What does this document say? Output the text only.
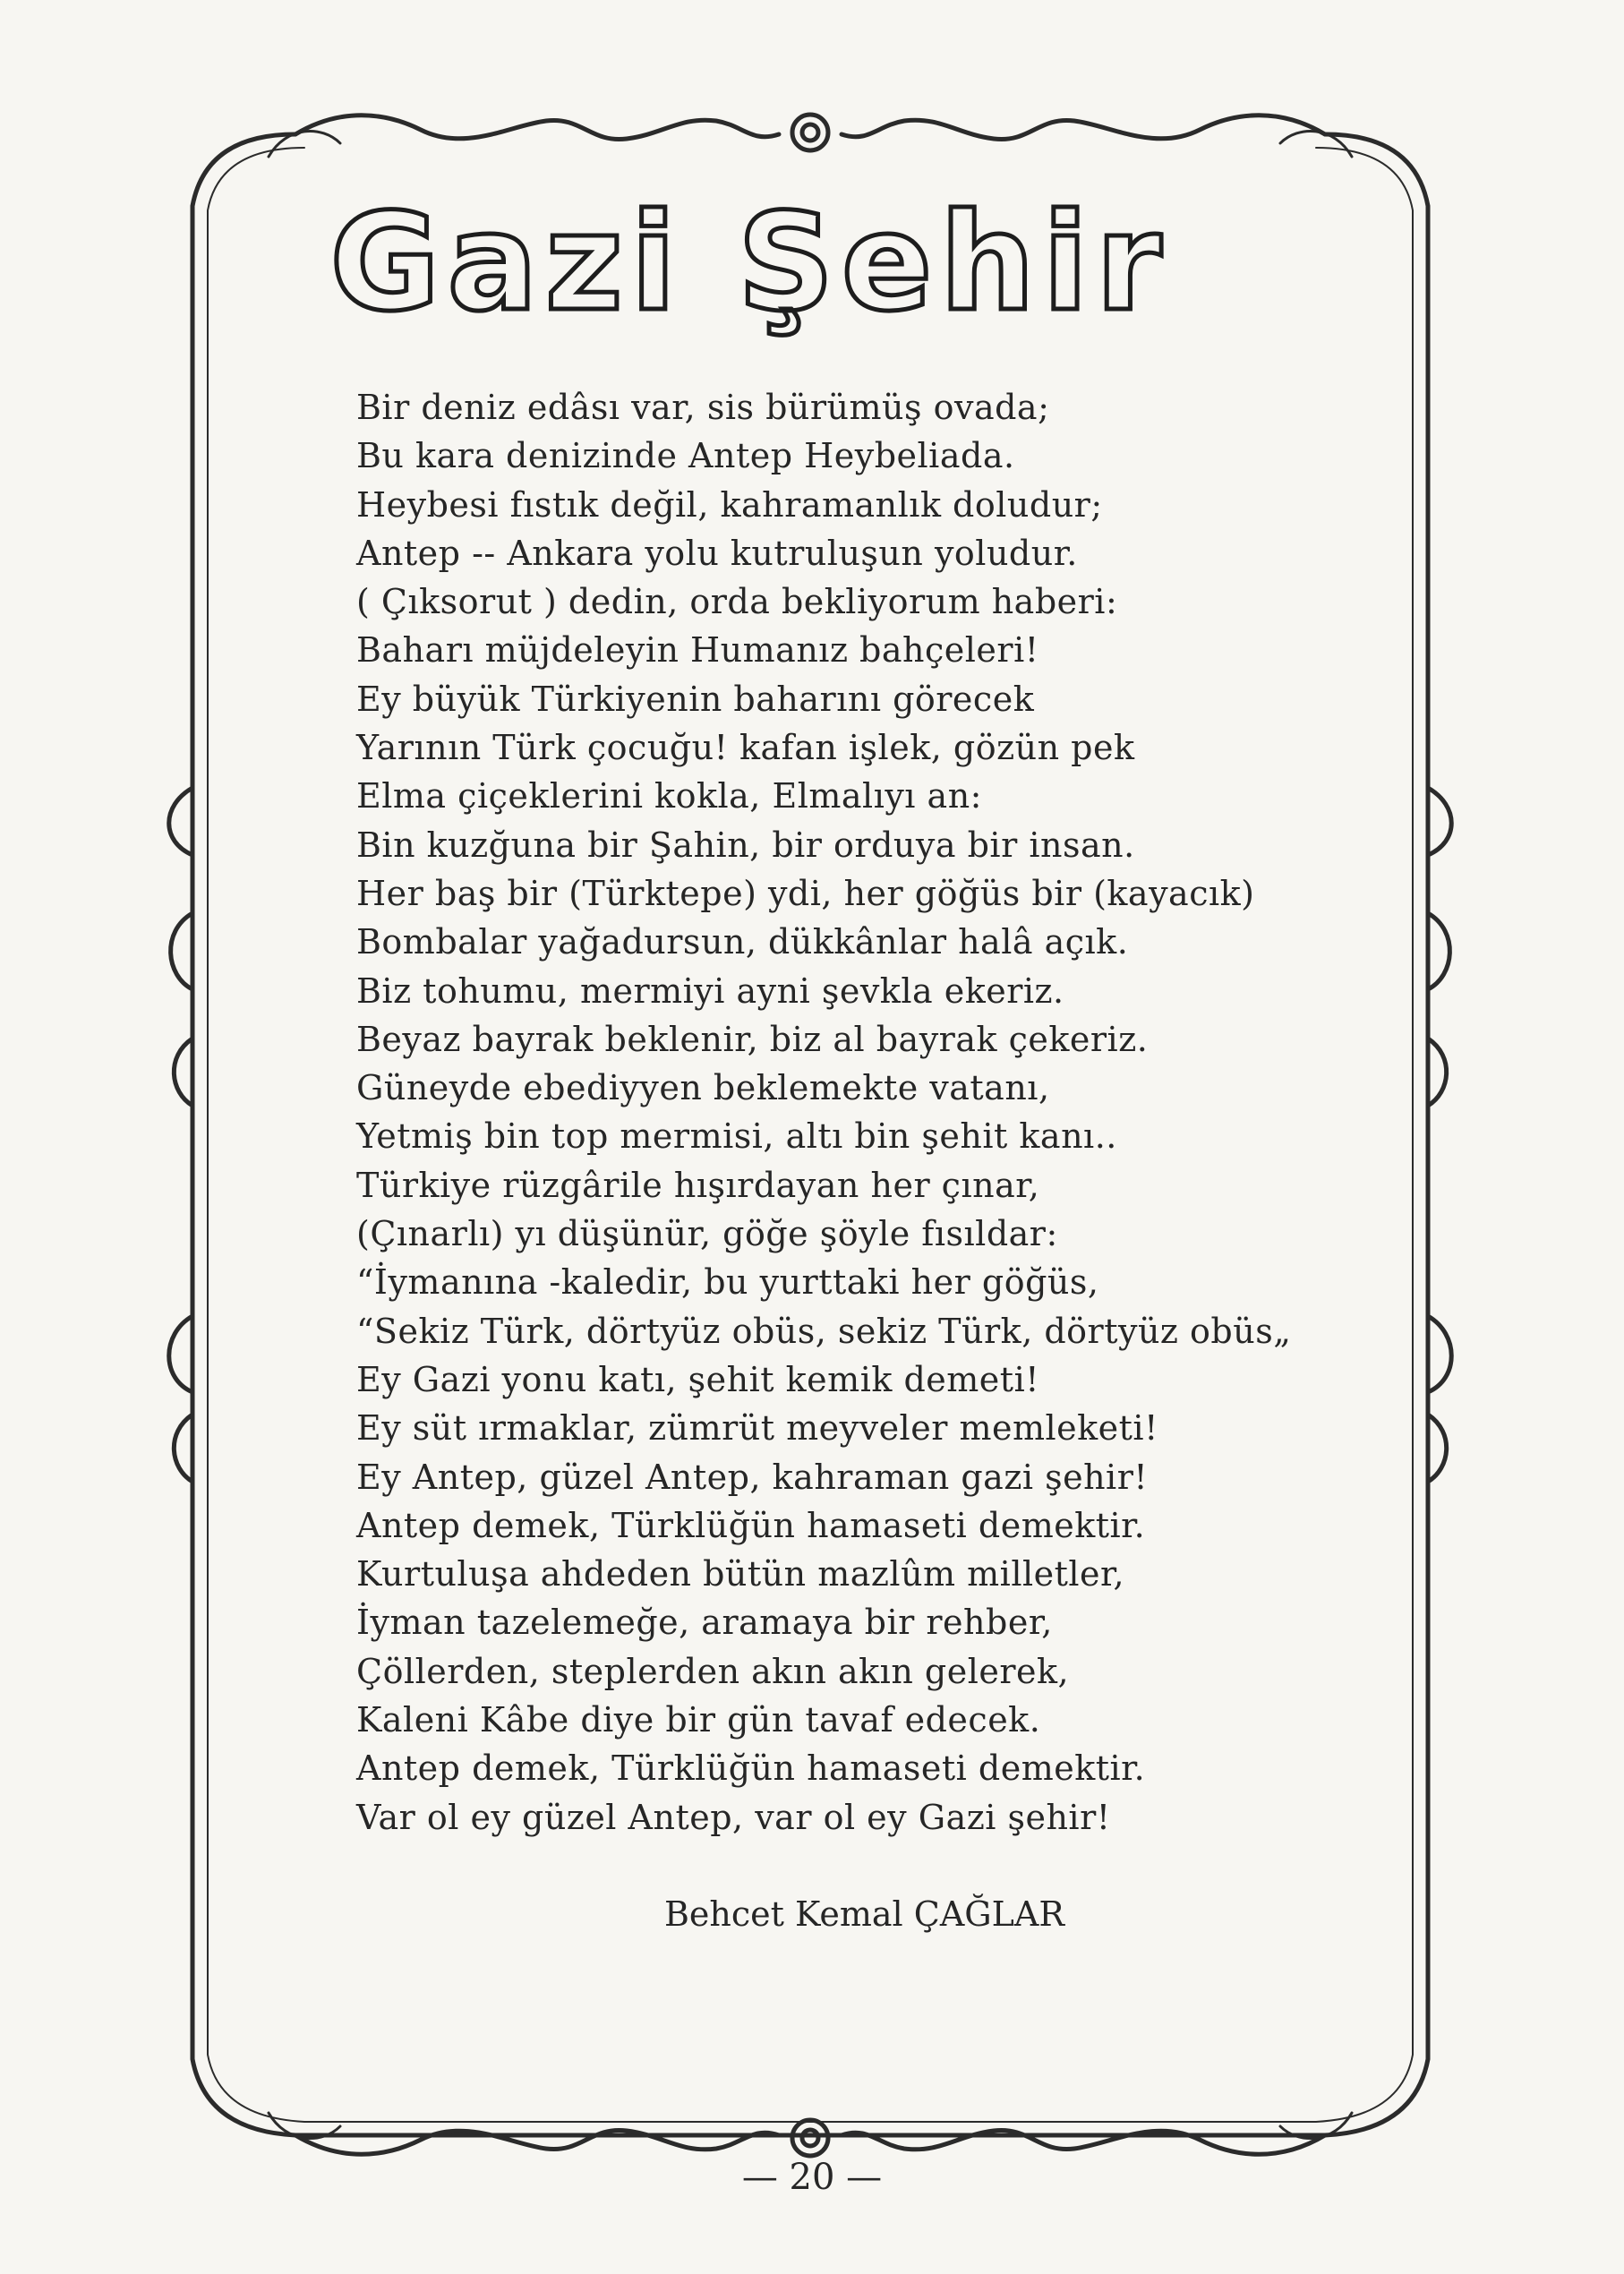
Gazi Şehir
Bir deniz edâsı var, sis bürümüş ovada;
Bu kara denizinde Antep Heybeliada.
Heybesi fıstık değil, kahramanlık doludur;
Antep -- Ankara yolu kutruluşun yoludur.
( Çıksorut ) dedin, orda bekliyorum haberi:
Baharı müjdeleyin Humanız bahçeleri!
Ey büyük Türkiyenin baharını görecek
Yarının Türk çocuğu! kafan işlek, gözün pek
Elma çiçeklerini kokla, Elmalıyı an:
Bin kuzğuna bir Şahin, bir orduya bir insan.
Her baş bir (Türktepe) ydi, her göğüs bir (kayacık)
Bombalar yağadursun, dükkânlar halâ açık.
Biz tohumu, mermiyi ayni şevkla ekeriz.
Beyaz bayrak beklenir, biz al bayrak çekeriz.
Güneyde ebediyyen beklemekte vatanı,
Yetmiş bin top mermisi, altı bin şehit kanı..
Türkiye rüzgârile hışırdayan her çınar,
(Çınarlı) yı düşünür, göğe şöyle fısıldar:
“İymanına -kaledir, bu yurttaki her göğüs,
“Sekiz Türk, dörtyüz obüs, sekiz Türk, dörtyüz obüs„
Ey Gazi yonu katı, şehit kemik demeti!
Ey süt ırmaklar, zümrüt meyveler memleketi!
Ey Antep, güzel Antep, kahraman gazi şehir!
Antep demek, Türklüğün hamaseti demektir.
Kurtuluşa ahdeden bütün mazlûm milletler,
İyman tazelemeğe, aramaya bir rehber,
Çöllerden, steplerden akın akın gelerek,
Kaleni Kâbe diye bir gün tavaf edecek.
Antep demek, Türklüğün hamaseti demektir.
Var ol ey güzel Antep, var ol ey Gazi şehir!
Behcet Kemal ÇAĞLAR
— 20 —
